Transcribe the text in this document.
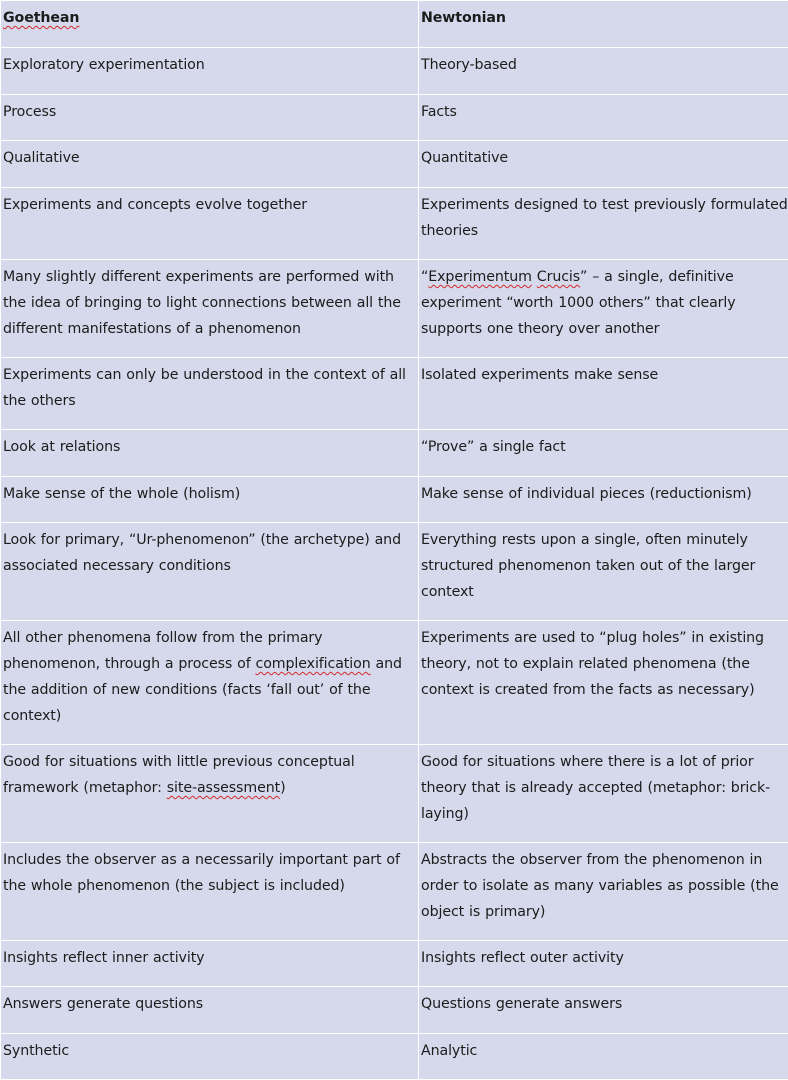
Goethean	Newtonian
Exploratory experimentation	Theory-based
Process	Facts
Qualitative	Quantitative
Experiments and concepts evolve together	Experiments designed to test previously formulated theories
Many slightly different experiments are performed with the idea of bringing to light connections between all the different manifestations of a phenomenon	“Experimentum Crucis” – a single, definitive experiment “worth 1000 others” that clearly supports one theory over another
Experiments can only be understood in the context of all the others	Isolated experiments make sense
Look at relations	“Prove” a single fact
Make sense of the whole (holism)	Make sense of individual pieces (reductionism)
Look for primary, “Ur-phenomenon” (the archetype) and associated necessary conditions	Everything rests upon a single, often minutely structured phenomenon taken out of the larger context
All other phenomena follow from the primary phenomenon, through a process of complexification and the addition of new conditions (facts ‘fall out’ of the context)	Experiments are used to “plug holes” in existing theory, not to explain related phenomena (the context is created from the facts as necessary)
Good for situations with little previous conceptual framework (metaphor: site-assessment)	Good for situations where there is a lot of prior theory that is already accepted (metaphor: brick-laying)
Includes the observer as a necessarily important part of the whole phenomenon (the subject is included)	Abstracts the observer from the phenomenon in order to isolate as many variables as possible (the object is primary)
Insights reflect inner activity	Insights reflect outer activity
Answers generate questions	Questions generate answers
Synthetic	Analytic
